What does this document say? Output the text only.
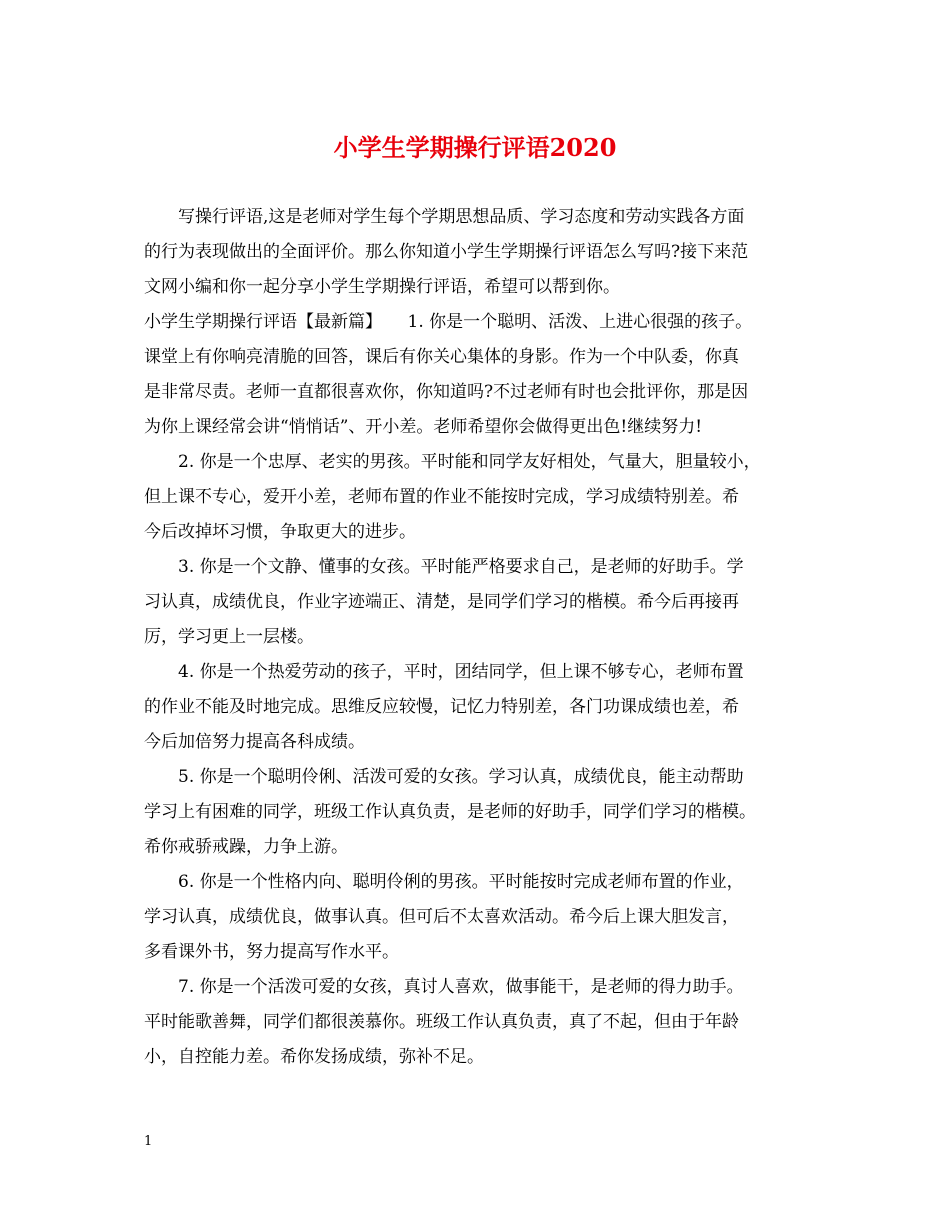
小学生学期操行评语2020

　　写操行评语,这是老师对学生每个学期思想品质、学习态度和劳动实践各方面

的行为表现做出的全面评价。那么你知道小学生学期操行评语怎么写吗?接下来范

文网小编和你一起分享小学生学期操行评语，希望可以帮到你。

小学生学期操行评语【最新篇】　　1. 你是一个聪明、活泼、上进心很强的孩子。

课堂上有你响亮清脆的回答，课后有你关心集体的身影。作为一个中队委，你真

是非常尽责。老师一直都很喜欢你，你知道吗?不过老师有时也会批评你，那是因

为你上课经常会讲“悄悄话”、开小差。老师希望你会做得更出色!继续努力!

　　2. 你是一个忠厚、老实的男孩。平时能和同学友好相处，气量大，胆量较小，

但上课不专心，爱开小差，老师布置的作业不能按时完成，学习成绩特别差。希

今后改掉坏习惯，争取更大的进步。

　　3. 你是一个文静、懂事的女孩。平时能严格要求自己，是老师的好助手。学

习认真，成绩优良，作业字迹端正、清楚，是同学们学习的楷模。希今后再接再

厉，学习更上一层楼。

　　4. 你是一个热爱劳动的孩子，平时，团结同学，但上课不够专心，老师布置

的作业不能及时地完成。思维反应较慢，记忆力特别差，各门功课成绩也差，希

今后加倍努力提高各科成绩。

　　5. 你是一个聪明伶俐、活泼可爱的女孩。学习认真，成绩优良，能主动帮助

学习上有困难的同学，班级工作认真负责，是老师的好助手，同学们学习的楷模。

希你戒骄戒躁，力争上游。

　　6. 你是一个性格内向、聪明伶俐的男孩。平时能按时完成老师布置的作业，

学习认真，成绩优良，做事认真。但可后不太喜欢活动。希今后上课大胆发言，

多看课外书，努力提高写作水平。

　　7. 你是一个活泼可爱的女孩，真讨人喜欢，做事能干，是老师的得力助手。

平时能歌善舞，同学们都很羡慕你。班级工作认真负责，真了不起，但由于年龄

小，自控能力差。希你发扬成绩，弥补不足。

1
